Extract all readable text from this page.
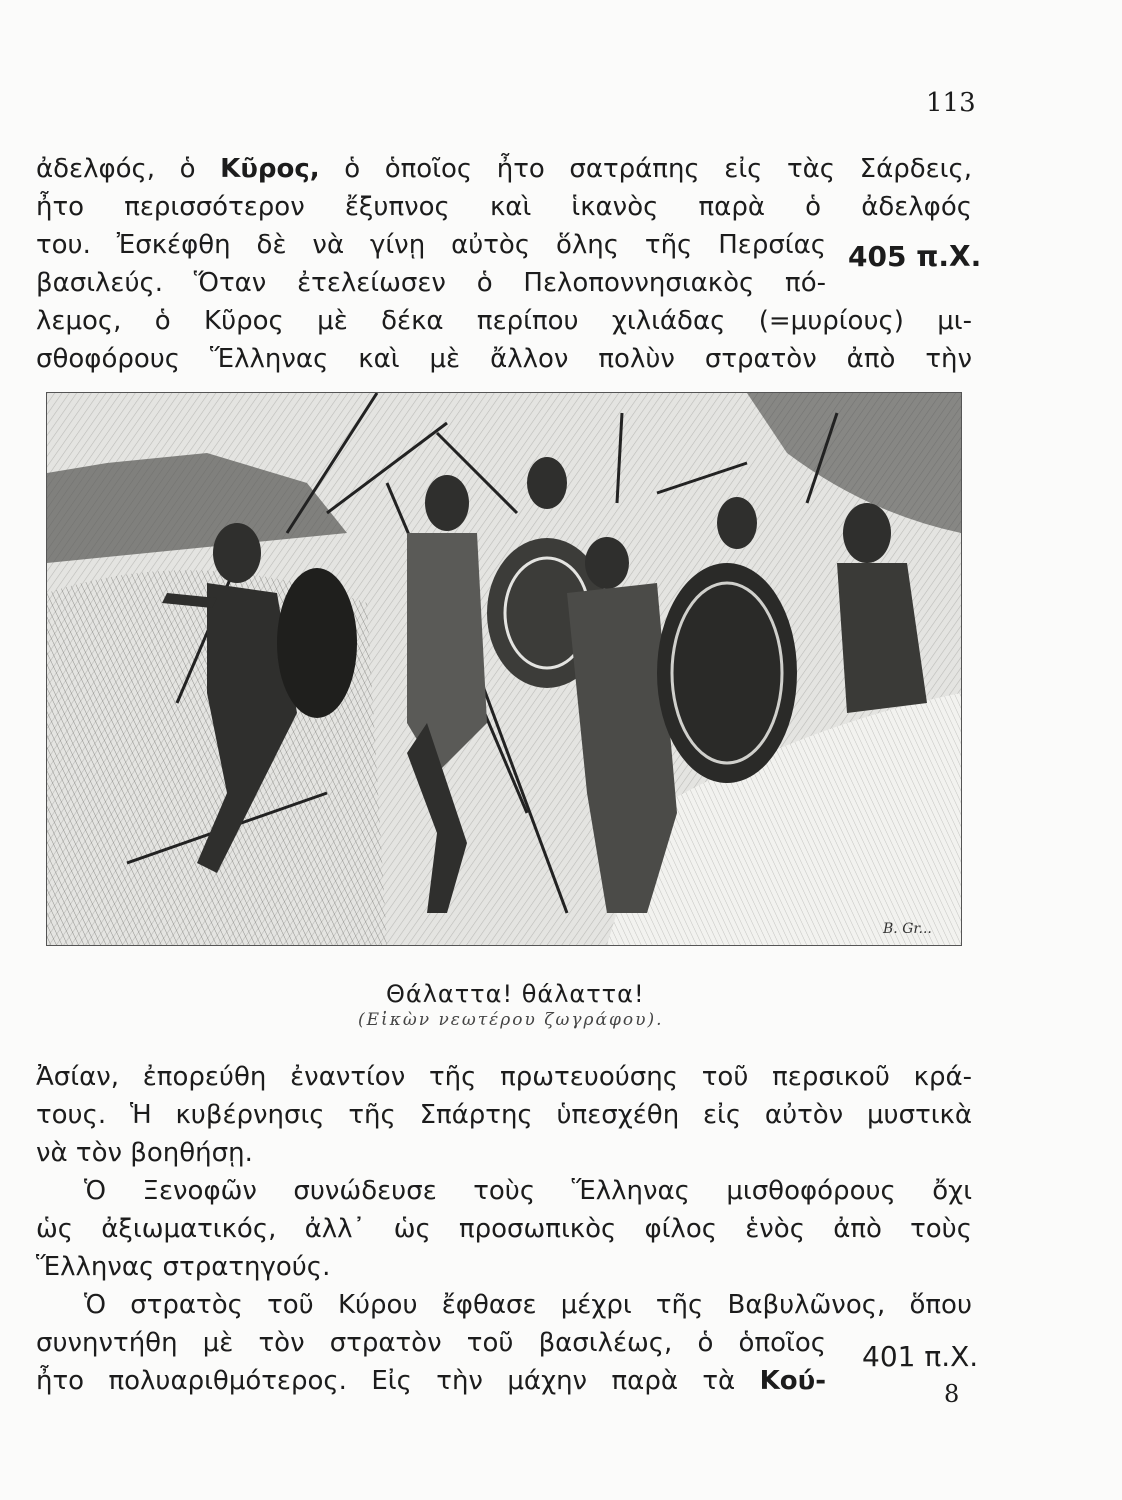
113
ἀδελφός, ὁ Κῦρος, ὁ ὁποῖος ἦτο σατράπης εἰς τὰς Σάρδεις,
ἦτο περισσότερον ἔξυπνος καὶ ἱκανὸς παρὰ ὁ ἀδελφός
του. Ἐσκέφθη δὲ νὰ γίνῃ αὐτὸς ὅλης τῆς Περσίας
βασιλεύς. Ὅταν ἐτελείωσεν ὁ Πελοποννησιακὸς πό-
λεμος, ὁ Κῦρος μὲ δέκα περίπου χιλιάδας (=μυρίους) μι-
σθοφόρους Ἕλληνας καὶ μὲ ἄλλον πολὺν στρατὸν ἀπὸ τὴν
405 π.Χ.
B. Gr...
Θάλαττα! θάλαττα!
(Εἰκὼν νεωτέρου ζωγράφου).
Ἀσίαν, ἐπορεύθη ἐναντίον τῆς πρωτευούσης τοῦ περσικοῦ κρά-
τους. Ἡ κυβέρνησις τῆς Σπάρτης ὑπεσχέθη εἰς αὐτὸν μυστικὰ
νὰ τὸν βοηθήσῃ.
Ὁ Ξενοφῶν συνώδευσε τοὺς Ἕλληνας μισθοφόρους ὄχι
ὡς ἀξιωματικός, ἀλλ᾽ ὡς προσωπικὸς φίλος ἑνὸς ἀπὸ τοὺς
Ἕλληνας στρατηγούς.
Ὁ στρατὸς τοῦ Κύρου ἔφθασε μέχρι τῆς Βαβυλῶνος, ὅπου
συνηντήθη μὲ τὸν στρατὸν τοῦ βασιλέως, ὁ ὁποῖος
ἦτο πολυαριθμότερος. Εἰς τὴν μάχην παρὰ τὰ Κού-
401 π.Χ.
8
